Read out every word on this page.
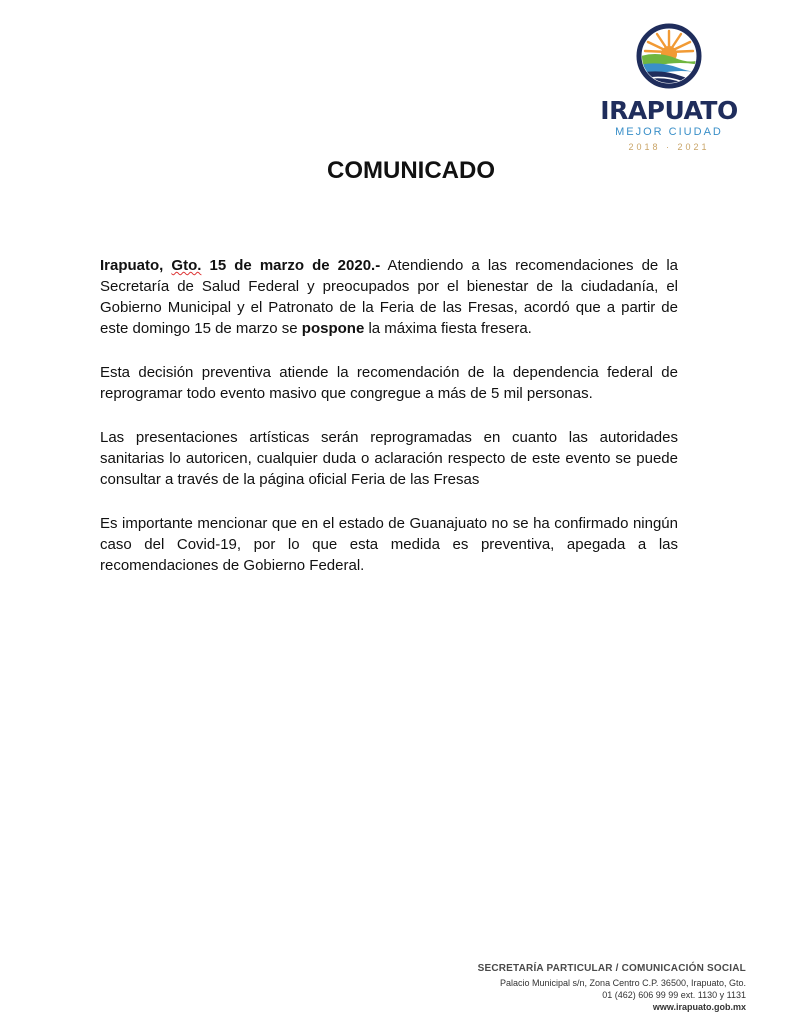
IRAPUATO
MEJOR CIUDAD
2018 · 2021
COMUNICADO

Irapuato, Gto. 15 de marzo de 2020.- Atendiendo a las recomendaciones de la Secretaría de Salud Federal y preocupados por el bienestar de la ciudadanía, el Gobierno Municipal y el Patronato de la Feria de las Fresas, acordó que a partir de este domingo 15 de marzo se pospone la máxima fiesta fresera.

Esta decisión preventiva atiende la recomendación de la dependencia federal de reprogramar todo evento masivo que congregue a más de 5 mil personas.

Las presentaciones artísticas serán reprogramadas en cuanto las autoridades sanitarias lo autoricen, cualquier duda o aclaración respecto de este evento se puede consultar a través de la página oficial Feria de las Fresas

Es importante mencionar que en el estado de Guanajuato no se ha confirmado ningún caso del Covid-19, por lo que esta medida es preventiva, apegada a las recomendaciones de Gobierno Federal.

SECRETARÍA PARTICULAR / COMUNICACIÓN SOCIAL
Palacio Municipal s/n, Zona Centro C.P. 36500, Irapuato, Gto.
01 (462) 606 99 99 ext. 1130 y 1131
www.irapuato.gob.mx
